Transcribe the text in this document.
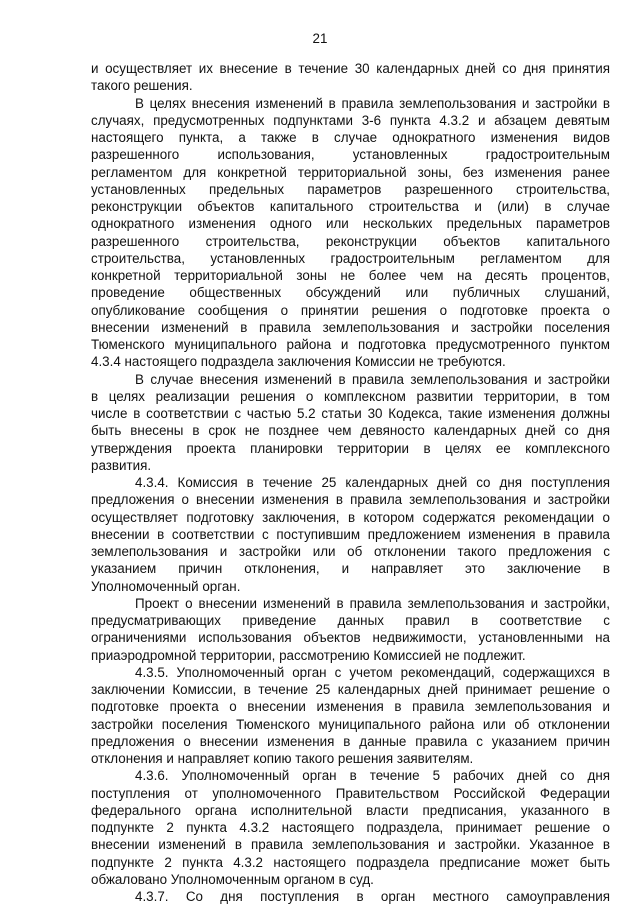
21
и осуществляет их внесение в течение 30 календарных дней со дня принятия
такого решения.
В целях внесения изменений в правила землепользования и застройки в
случаях, предусмотренных подпунктами 3-6 пункта 4.3.2 и абзацем девятым
настоящего пункта, а также в случае однократного изменения видов
разрешенного использования, установленных градостроительным
регламентом для конкретной территориальной зоны, без изменения ранее
установленных предельных параметров разрешенного строительства,
реконструкции объектов капитального строительства и (или) в случае
однократного изменения одного или нескольких предельных параметров
разрешенного строительства, реконструкции объектов капитального
строительства, установленных градостроительным регламентом для
конкретной территориальной зоны не более чем на десять процентов,
проведение общественных обсуждений или публичных слушаний,
опубликование сообщения о принятии решения о подготовке проекта о
внесении изменений в правила землепользования и застройки поселения
Тюменского муниципального района и подготовка предусмотренного пунктом
4.3.4 настоящего подраздела заключения Комиссии не требуются.
В случае внесения изменений в правила землепользования и застройки
в целях реализации решения о комплексном развитии территории, в том
числе в соответствии с частью 5.2 статьи 30 Кодекса, такие изменения должны
быть внесены в срок не позднее чем девяносто календарных дней со дня
утверждения проекта планировки территории в целях ее комплексного
развития.
4.3.4. Комиссия в течение 25 календарных дней со дня поступления
предложения о внесении изменения в правила землепользования и застройки
осуществляет подготовку заключения, в котором содержатся рекомендации о
внесении в соответствии с поступившим предложением изменения в правила
землепользования и застройки или об отклонении такого предложения с
указанием причин отклонения, и направляет это заключение в
Уполномоченный орган.
Проект о внесении изменений в правила землепользования и застройки,
предусматривающих приведение данных правил в соответствие с
ограничениями использования объектов недвижимости, установленными на
приаэродромной территории, рассмотрению Комиссией не подлежит.
4.3.5. Уполномоченный орган с учетом рекомендаций, содержащихся в
заключении Комиссии, в течение 25 календарных дней принимает решение о
подготовке проекта о внесении изменения в правила землепользования и
застройки поселения Тюменского муниципального района или об отклонении
предложения о внесении изменения в данные правила с указанием причин
отклонения и направляет копию такого решения заявителям.
4.3.6. Уполномоченный орган в течение 5 рабочих дней со дня
поступления от уполномоченного Правительством Российской Федерации
федерального органа исполнительной власти предписания, указанного в
подпункте 2 пункта 4.3.2 настоящего подраздела, принимает решение о
внесении изменений в правила землепользования и застройки. Указанное в
подпункте 2 пункта 4.3.2 настоящего подраздела предписание может быть
обжаловано Уполномоченным органом в суд.
4.3.7. Со дня поступления в орган местного самоуправления
